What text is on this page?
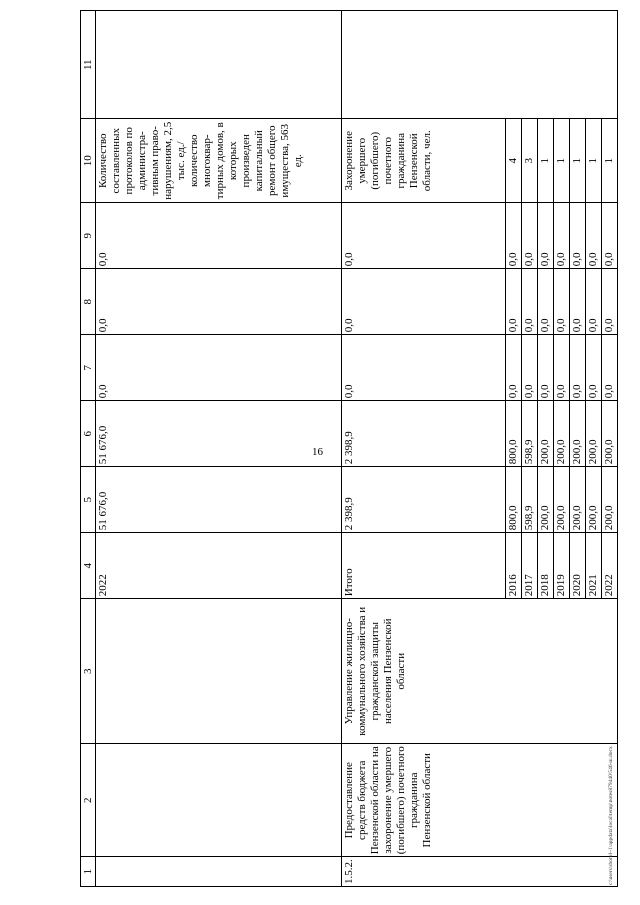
16
1	2	3	4	5	6	7	8	9	10	11
			2022	51 676,0	51 676,0	0,0	0,0	0,0	Количество составленных протоколов по администра-тивным право-нарушениям, 2,5 тыс. ед./ количество многоквар-тирных домов, в которых произведен капитальный ремонт общего имущества, 563 ед.	
1.5.2.	Предоставление средств бюджета Пензенской области на захоронение умершего (погибшего) почетного гражданина Пензенской области	Управление жилищно-коммунального хозяйства и гражданской защиты населения Пензенской области	Итого	2 398,9	2 398,9	0,0	0,0	0,0	Захоронение умершего (погибшего) почетного гражданина Пензенской области, чел.	
			2016	800,0	800,0	0,0	0,0	0,0	4	
			2017	598,9	598,9	0,0	0,0	0,0	3	
			2018	200,0	200,0	0,0	0,0	0,0	1	
			2019	200,0	200,0	0,0	0,0	0,0	1	
			2020	200,0	200,0	0,0	0,0	0,0	1	
			2021	200,0	200,0	0,0	0,0	0,0	1	
			2022	200,0	200,0	0,0	0,0	0,0	1	
c:\users\sborol~1\appdata\local\temp\notes879440\546-ш.docx
